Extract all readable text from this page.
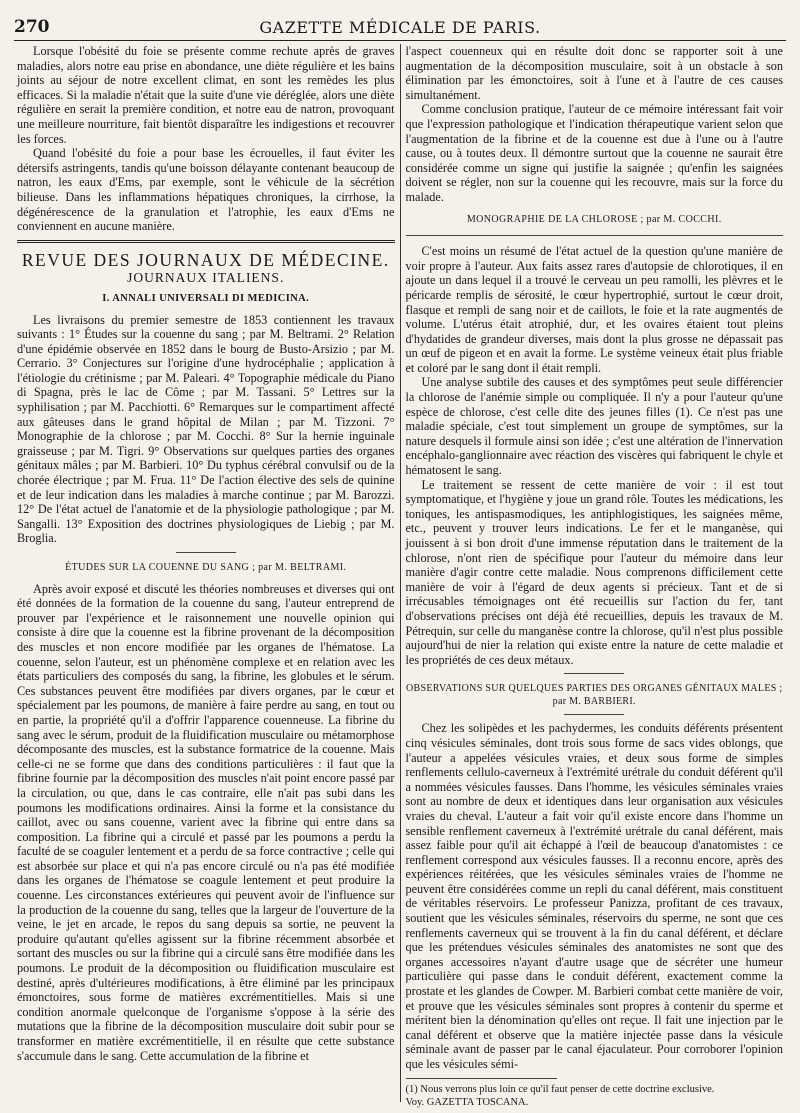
270	GAZETTE MÉDICALE DE PARIS.

Lorsque l'obésité du foie se présente comme rechute après de graves maladies, alors notre eau prise en abondance, une diète régulière et les bains joints au séjour de notre excellent climat, en sont les remèdes les plus efficaces. Si la maladie n'était que la suite d'une vie déréglée, alors une diète régulière en serait la première condition, et notre eau de natron, provoquant une meilleure nourriture, fait bientôt disparaître les indigestions et recouvrer les forces.

Quand l'obésité du foie a pour base les écrouelles, il faut éviter les détersifs astringents, tandis qu'une boisson délayante contenant beaucoup de natron, les eaux d'Ems, par exemple, sont le véhicule de la sécrétion bilieuse. Dans les inflammations hépatiques chroniques, la cirrhose, la dégénérescence de la granulation et l'atrophie, les eaux d'Ems ne conviennent en aucune manière.

REVUE DES JOURNAUX DE MÉDECINE.
JOURNAUX ITALIENS.
I. ANNALI UNIVERSALI DI MEDICINA.

Les livraisons du premier semestre de 1853 contiennent les travaux suivants : 1° Études sur la couenne du sang ; par M. Beltrami. 2° Relation d'une épidémie observée en 1852 dans le bourg de Busto-Arsizio ; par M. Cerrario. 3° Conjectures sur l'origine d'une hydrocéphalie ; application à l'étiologie du crétinisme ; par M. Paleari. 4° Topographie médicale du Piano di Spagna, près le lac de Côme ; par M. Tassani. 5° Lettres sur la syphilisation ; par M. Pacchiotti. 6° Remarques sur le compartiment affecté aux gâteuses dans le grand hôpital de Milan ; par M. Tizzoni. 7° Monographie de la chlorose ; par M. Cocchi. 8° Sur la hernie inguinale graisseuse ; par M. Tigri. 9° Observations sur quelques parties des organes génitaux mâles ; par M. Barbieri. 10° Du typhus cérébral convulsif ou de la chorée électrique ; par M. Frua. 11° De l'action élective des sels de quinine et de leur indication dans les maladies à marche continue ; par M. Barozzi. 12° De l'état actuel de l'anatomie et de la physiologie pathologique ; par M. Sangalli. 13° Exposition des doctrines physiologiques de Liebig ; par M. Broglia.

ÉTUDES SUR LA COUENNE DU SANG ; par M. BELTRAMI.

Après avoir exposé et discuté les théories nombreuses et diverses qui ont été données de la formation de la couenne du sang, l'auteur entreprend de prouver par l'expérience et le raisonnement une nouvelle opinion qui consiste à dire que la couenne est la fibrine provenant de la décomposition des muscles et non encore modifiée par les organes de l'hématose. La couenne, selon l'auteur, est un phénomène complexe et en relation avec les états particuliers des composés du sang, la fibrine, les globules et le sérum. Ces substances peuvent être modifiées par divers organes, par le cœur et spécialement par les poumons, de manière à faire perdre au sang, en tout ou en partie, la propriété qu'il a d'offrir l'apparence couenneuse. La fibrine du sang avec le sérum, produit de la fluidification musculaire ou métamorphose décomposante des muscles, est la substance formatrice de la couenne. Mais celle-ci ne se forme que dans des conditions particulières : il faut que la fibrine fournie par la décomposition des muscles n'ait point encore passé par la circulation, ou que, dans le cas contraire, elle n'ait pas subi dans les poumons les modifications ordinaires. Ainsi la forme et la consistance du caillot, avec ou sans couenne, varient avec la fibrine qui entre dans sa composition. La fibrine qui a circulé et passé par les poumons a perdu la faculté de se coaguler lentement et a perdu de sa force contractive ; celle qui est absorbée sur place et qui n'a pas encore circulé ou n'a pas été modifiée dans les organes de l'hématose se coagule lentement et peut produire la couenne. Les circonstances extérieures qui peuvent avoir de l'influence sur la production de la couenne du sang, telles que la largeur de l'ouverture de la veine, le jet en arcade, le repos du sang depuis sa sortie, ne peuvent la produire qu'autant qu'elles agissent sur la fibrine récemment absorbée et sortant des muscles ou sur la fibrine qui a circulé sans être modifiée dans les poumons. Le produit de la décomposition ou fluidification musculaire est destiné, après d'ultérieures modifications, à être éliminé par les principaux émonctoires, sous forme de matières excrémentitielles. Mais si une condition anormale quelconque de l'organisme s'oppose à la série des mutations que la fibrine de la décomposition musculaire doit subir pour se transformer en matière excrémentitielle, il en résulte que cette substance s'accumule dans le sang. Cette accumulation de la fibrine et

l'aspect couenneux qui en résulte doit donc se rapporter soit à une augmentation de la décomposition musculaire, soit à un obstacle à son élimination par les émonctoires, soit à l'une et à l'autre de ces causes simultanément.

Comme conclusion pratique, l'auteur de ce mémoire intéressant fait voir que l'expression pathologique et l'indication thérapeutique varient selon que l'augmentation de la fibrine et de la couenne est due à l'une ou à l'autre cause, ou à toutes deux. Il démontre surtout que la couenne ne saurait être considérée comme un signe qui justifie la saignée ; qu'enfin les saignées doivent se régler, non sur la couenne qui les recouvre, mais sur la force du malade.

MONOGRAPHIE DE LA CHLOROSE ; par M. COCCHI.

C'est moins un résumé de l'état actuel de la question qu'une manière de voir propre à l'auteur. Aux faits assez rares d'autopsie de chlorotiques, il en ajoute un dans lequel il a trouvé le cerveau un peu ramolli, les plèvres et le péricarde remplis de sérosité, le cœur hypertrophié, surtout le cœur droit, flasque et rempli de sang noir et de caillots, le foie et la rate augmentés de volume. L'utérus était atrophié, dur, et les ovaires étaient tout pleins d'hydatides de grandeur diverses, mais dont la plus grosse ne dépassait pas un œuf de pigeon et en avait la forme. Le système veineux était plus friable et coloré par le sang dont il était rempli.

Une analyse subtile des causes et des symptômes peut seule différencier la chlorose de l'anémie simple ou compliquée. Il n'y a pour l'auteur qu'une espèce de chlorose, c'est celle dite des jeunes filles (1). Ce n'est pas une maladie spéciale, c'est tout simplement un groupe de symptômes, sur la nature desquels il formule ainsi son idée ; c'est une altération de l'innervation encéphalo-ganglionnaire avec réaction des viscères qui fabriquent le chyle et hématosent le sang.

Le traitement se ressent de cette manière de voir : il est tout symptomatique, et l'hygiène y joue un grand rôle. Toutes les médications, les toniques, les antispasmodiques, les antiphlogistiques, les saignées même, etc., peuvent y trouver leurs indications. Le fer et le manganèse, qui jouissent à si bon droit d'une immense réputation dans le traitement de la chlorose, n'ont rien de spécifique pour l'auteur du mémoire dans leur manière d'agir contre cette maladie. Nous comprenons difficilement cette manière de voir à l'égard de deux agents si précieux. Tant et de si irrécusables témoignages ont été recueillis sur l'action du fer, tant d'observations précises ont déjà été recueillies, depuis les travaux de M. Pétrequin, sur celle du manganèse contre la chlorose, qu'il n'est plus possible aujourd'hui de nier la relation qui existe entre la nature de cette maladie et les propriétés de ces deux métaux.

OBSERVATIONS SUR QUELQUES PARTIES DES ORGANES GÉNITAUX MALES ;
par M. BARBIERI.

Chez les solipèdes et les pachydermes, les conduits déférents présentent cinq vésicules séminales, dont trois sous forme de sacs vides oblongs, que l'auteur a appelées vésicules vraies, et deux sous forme de simples renflements cellulo-caverneux à l'extrémité urétrale du conduit déférent qu'il a nommées vésicules fausses. Dans l'homme, les vésicules séminales vraies sont au nombre de deux et identiques dans leur organisation aux vésicules vraies du cheval. L'auteur a fait voir qu'il existe encore dans l'homme un sensible renflement caverneux à l'extrémité urétrale du canal déférent, mais assez faible pour qu'il ait échappé à l'œil de beaucoup d'anatomistes : ce renflement correspond aux vésicules fausses. Il a reconnu encore, après des expériences réitérées, que les vésicules séminales vraies de l'homme ne peuvent être considérées comme un repli du canal déférent, mais constituent de véritables réservoirs. Le professeur Panizza, profitant de ces travaux, soutient que les vésicules séminales, réservoirs du sperme, ne sont que ces renflements caverneux qui se trouvent à la fin du canal déférent, et déclare que les prétendues vésicules séminales des anatomistes ne sont que des organes accessoires n'ayant d'autre usage que de sécréter une humeur particulière qui passe dans le conduit déférent, exactement comme la prostate et les glandes de Cowper. M. Barbieri combat cette manière de voir, et prouve que les vésicules séminales sont propres à contenir du sperme et méritent bien la dénomination qu'elles ont reçue. Il fait une injection par le canal déférent et observe que la matière injectée passe dans la vésicule séminale avant de passer par le canal éjaculateur. Pour corroborer l'opinion que les vésicules sémi-

(1) Nous verrons plus loin ce qu'il faut penser de cette doctrine exclusive.
Voy. GAZETTA TOSCANA.
